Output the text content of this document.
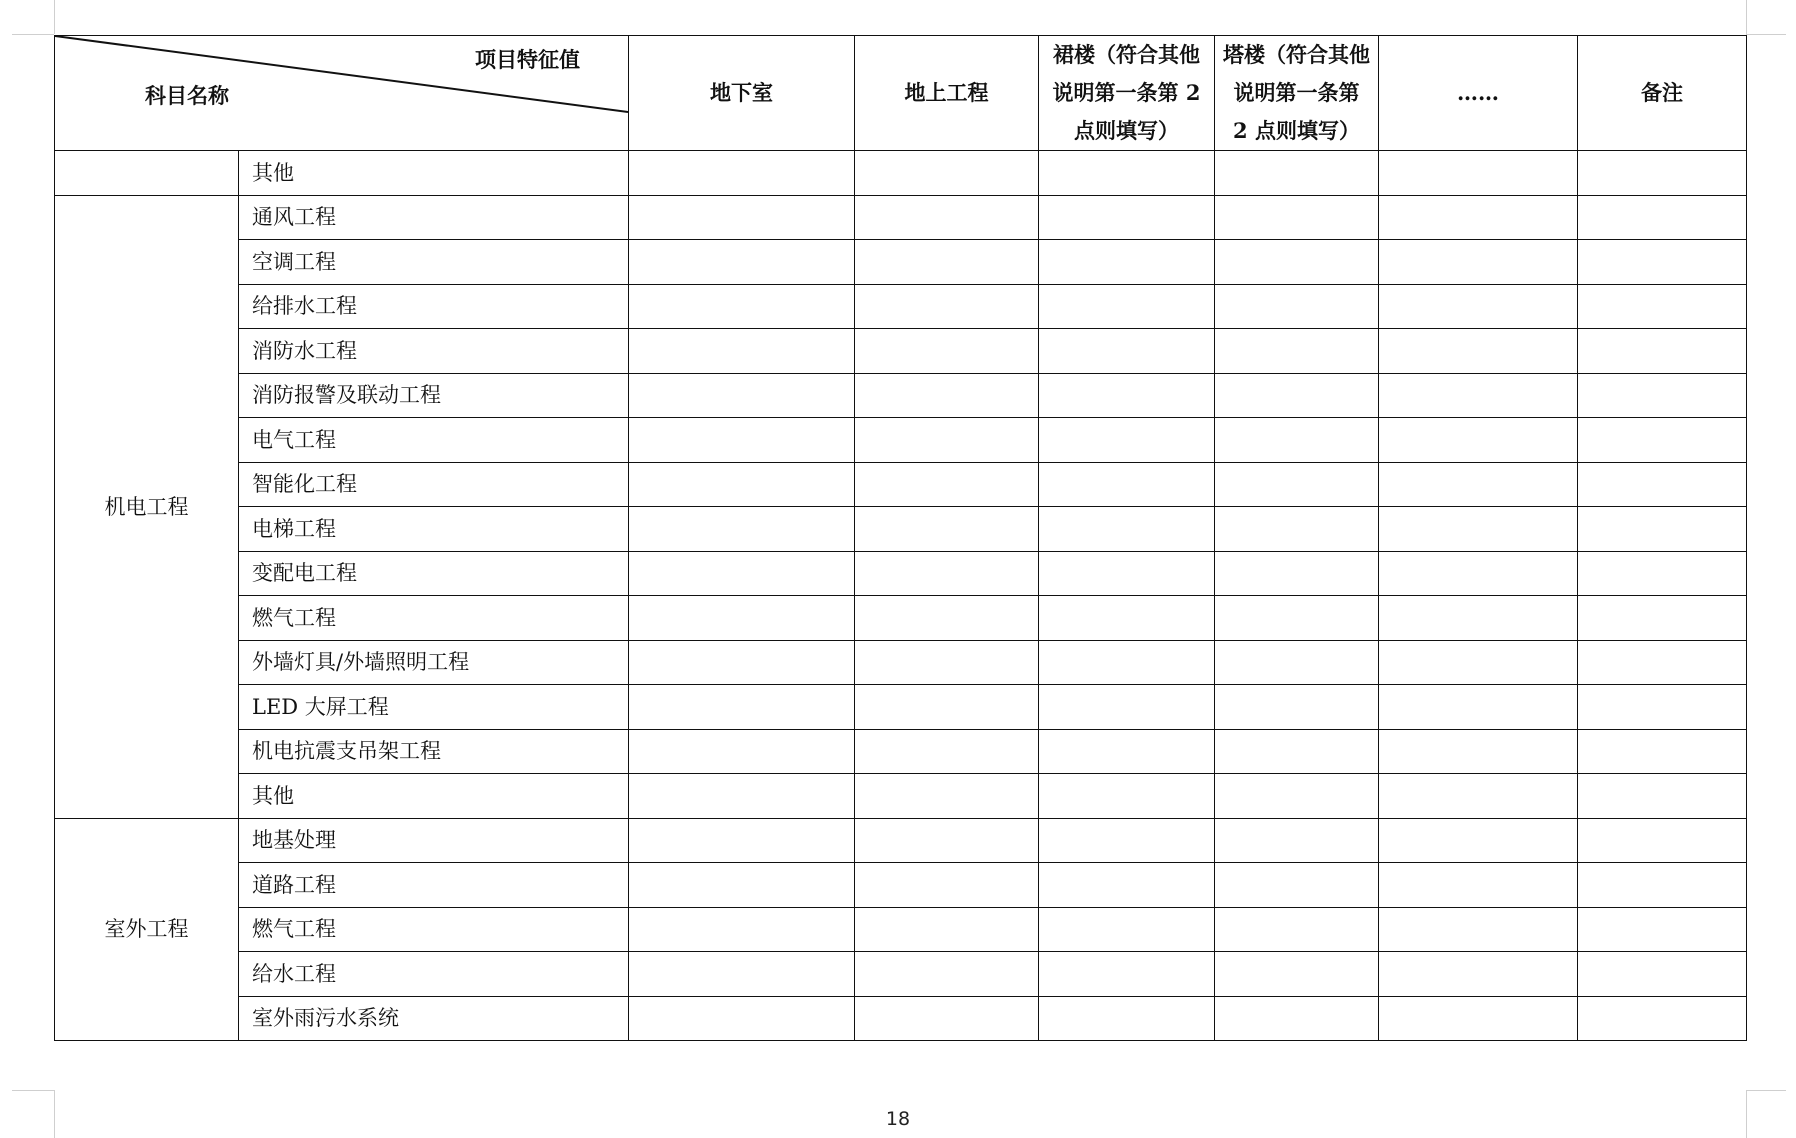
项目特征值
科目名称		地下室	地上工程	裙楼（符合其他说明第一条第 2 点则填写）	塔楼（符合其他说明第一条第 2 点则填写）	……	备注
	其他						
机电工程	通风工程						
	空调工程						
	给排水工程						
	消防水工程						
	消防报警及联动工程						
	电气工程						
	智能化工程						
	电梯工程						
	变配电工程						
	燃气工程						
	外墙灯具/外墙照明工程						
	LED 大屏工程						
	机电抗震支吊架工程						
	其他						
室外工程	地基处理						
	道路工程						
	燃气工程						
	给水工程						
	室外雨污水系统						
18
